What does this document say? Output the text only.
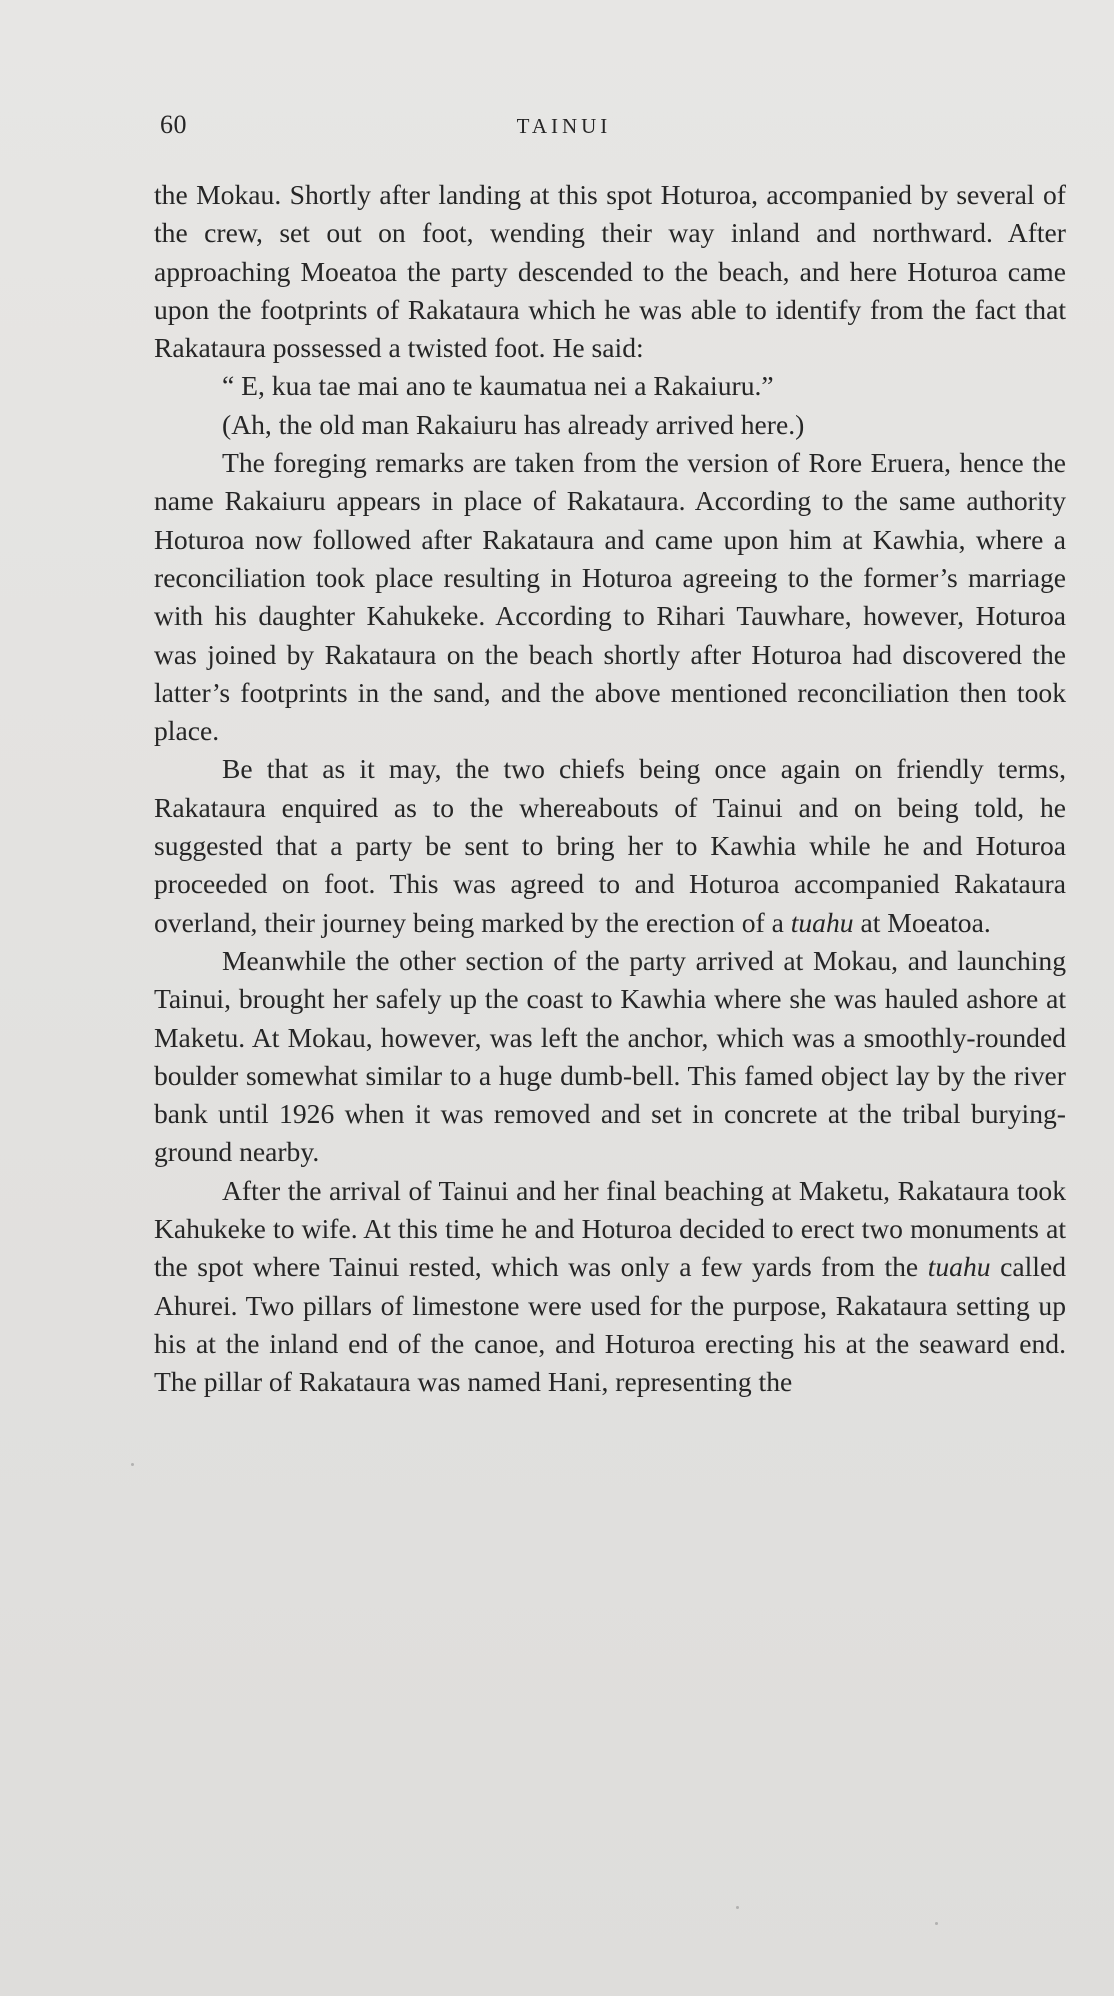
60	TAINUI

the Mokau. Shortly after landing at this spot Hoturoa, accompanied by several of the crew, set out on foot, wending their way inland and northward. After approaching Moeatoa the party descended to the beach, and here Hoturoa came upon the footprints of Rakataura which he was able to identify from the fact that Rakataura possessed a twisted foot. He said:

“ E, kua tae mai ano te kaumatua nei a Rakaiuru.”

(Ah, the old man Rakaiuru has already arrived here.)

The foreging remarks are taken from the version of Rore Eruera, hence the name Rakaiuru appears in place of Rakataura. According to the same authority Hoturoa now followed after Rakataura and came upon him at Kawhia, where a reconciliation took place resulting in Hoturoa agreeing to the former’s marriage with his daughter Kahukeke. According to Rihari Tauwhare, however, Hoturoa was joined by Rakataura on the beach shortly after Hoturoa had discovered the latter’s footprints in the sand, and the above mentioned reconciliation then took place.

Be that as it may, the two chiefs being once again on friendly terms, Rakataura enquired as to the whereabouts of Tainui and on being told, he suggested that a party be sent to bring her to Kawhia while he and Hoturoa proceeded on foot. This was agreed to and Hoturoa accompanied Rakataura overland, their journey being marked by the erection of a tuahu at Moeatoa.

Meanwhile the other section of the party arrived at Mokau, and launching Tainui, brought her safely up the coast to Kawhia where she was hauled ashore at Maketu. At Mokau, however, was left the anchor, which was a smoothly-rounded boulder somewhat similar to a huge dumb-bell. This famed object lay by the river bank until 1926 when it was removed and set in concrete at the tribal burying-ground nearby.

After the arrival of Tainui and her final beaching at Maketu, Rakataura took Kahukeke to wife. At this time he and Hoturoa decided to erect two monuments at the spot where Tainui rested, which was only a few yards from the tuahu called Ahurei. Two pillars of limestone were used for the purpose, Rakataura setting up his at the inland end of the canoe, and Hoturoa erecting his at the seaward end. The pillar of Rakataura was named Hani, representing the
